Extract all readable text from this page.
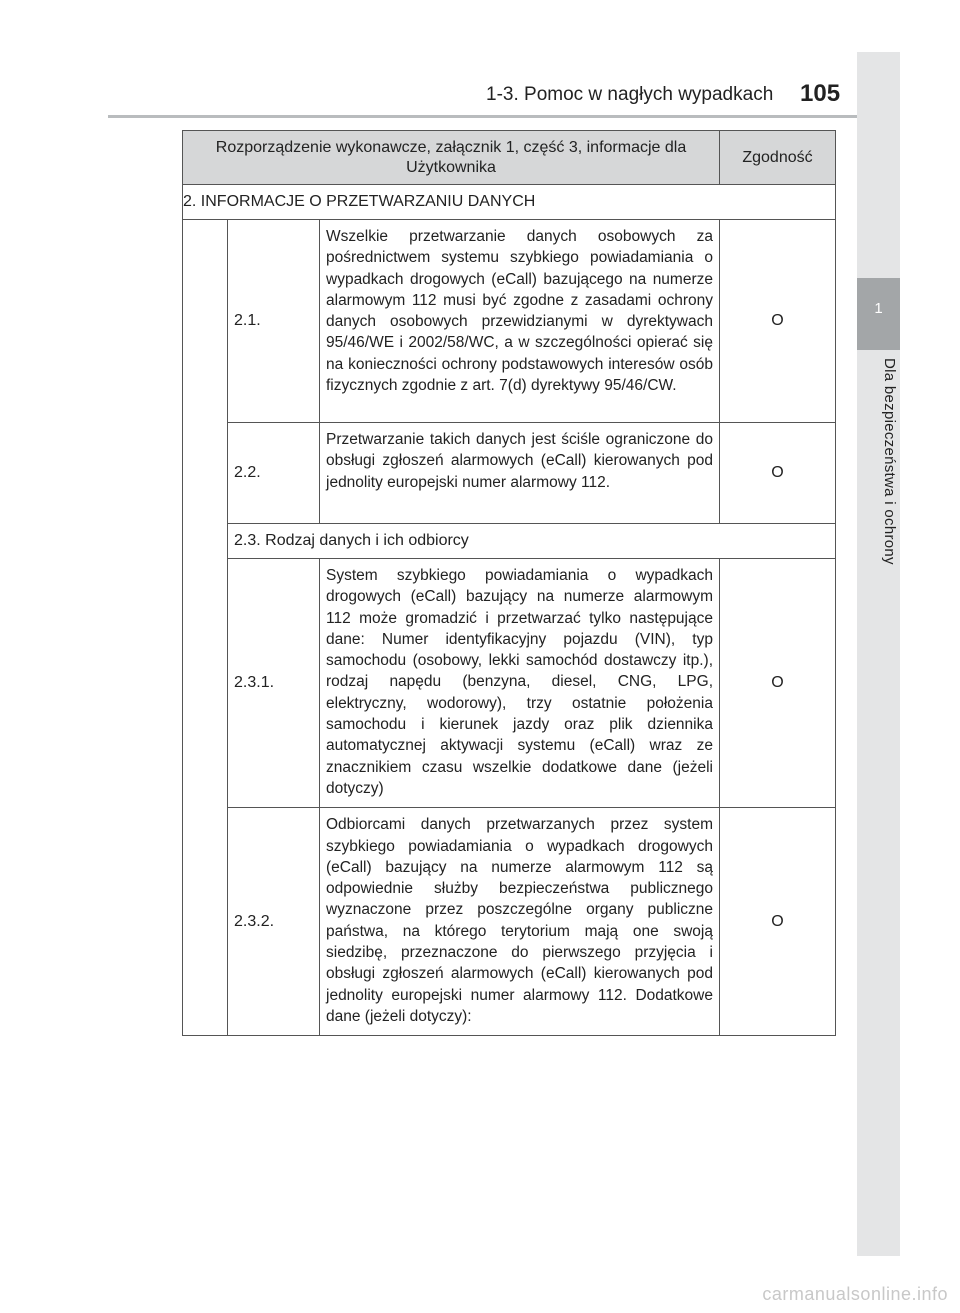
1-3. Pomoc w nagłych wypadkach 105
1
Dla bezpieczeństwa i ochrony
Rozporządzenie wykonawcze, załącznik 1, część 3, informacje dla Użytkownika			Zgodność
2. INFORMACJE O PRZETWARZANIU DANYCH			
	2.1.	Wszelkie przetwarzanie danych osobowych za pośrednictwem systemu szybkiego powiadamiania o wypadkach drogowych (eCall) bazującego na numerze alarmowym 112 musi być zgodne z zasadami ochrony danych osobowych przewidzianymi w dyrektywach 95/46/WE i 2002/58/WC, a w szczególności opierać się na konieczności ochrony podstawowych interesów osób fizycznych zgodnie z art. 7(d) dyrektywy 95/46/CW.	O
	2.2.	Przetwarzanie takich danych jest ściśle ograniczone do obsługi zgłoszeń alarmowych (eCall) kierowanych pod jednolity europejski numer alarmowy 112.	O
	2.3. Rodzaj danych i ich odbiorcy		
	2.3.1.	System szybkiego powiadamiania o wypadkach drogowych (eCall) bazujący na numerze alarmowym 112 może gromadzić i przetwarzać tylko następujące dane: Numer identyfikacyjny pojazdu (VIN), typ samochodu (osobowy, lekki samochód dostawczy itp.), rodzaj napędu (benzyna, diesel, CNG, LPG, elektryczny, wodorowy), trzy ostatnie położenia samochodu i kierunek jazdy oraz plik dziennika automatycznej aktywacji systemu (eCall) wraz ze znacznikiem czasu wszelkie dodatkowe dane (jeżeli dotyczy)	O
	2.3.2.	Odbiorcami danych przetwarzanych przez system szybkiego powiadamiania o wypadkach drogowych (eCall) bazujący na numerze alarmowym 112 są odpowiednie służby bezpieczeństwa publicznego wyznaczone przez poszczególne organy publiczne państwa, na którego terytorium mają one swoją siedzibę, przeznaczone do pierwszego przyjęcia i obsługi zgłoszeń alarmowych (eCall) kierowanych pod jednolity europejski numer alarmowy 112. Dodatkowe dane (jeżeli dotyczy):	O
carmanualsonline.info
